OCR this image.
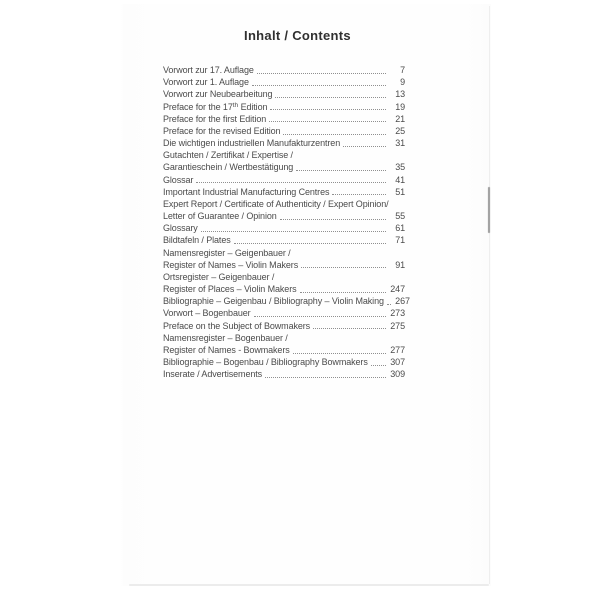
Inhalt / Contents
Vorwort zur 17. Auflage	7
Vorwort zur 1. Auflage	9
Vorwort zur Neubearbeitung	13
Preface for the 17th Edition	19
Preface for the first Edition	21
Preface for the revised Edition	25
Die wichtigen industriellen Manufakturzentren	31
Gutachten / Zertifikat / Expertise /
Garantieschein / Wertbestätigung	35
Glossar	41
Important Industrial Manufacturing Centres	51
Expert Report / Certificate of Authenticity / Expert Opinion/
Letter of Guarantee / Opinion	55
Glossary	61
Bildtafeln / Plates	71
Namensregister – Geigenbauer /
Register of Names – Violin Makers	91
Ortsregister – Geigenbauer /
Register of Places – Violin Makers	247
Bibliographie – Geigenbau / Bibliography – Violin Making 267
Vorwort – Bogenbauer	273
Preface on the Subject of Bowmakers	275
Namensregister – Bogenbauer /
Register of Names - Bowmakers	277
Bibliographie – Bogenbau / Bibliography Bowmakers	307
Inserate / Advertisements	309
